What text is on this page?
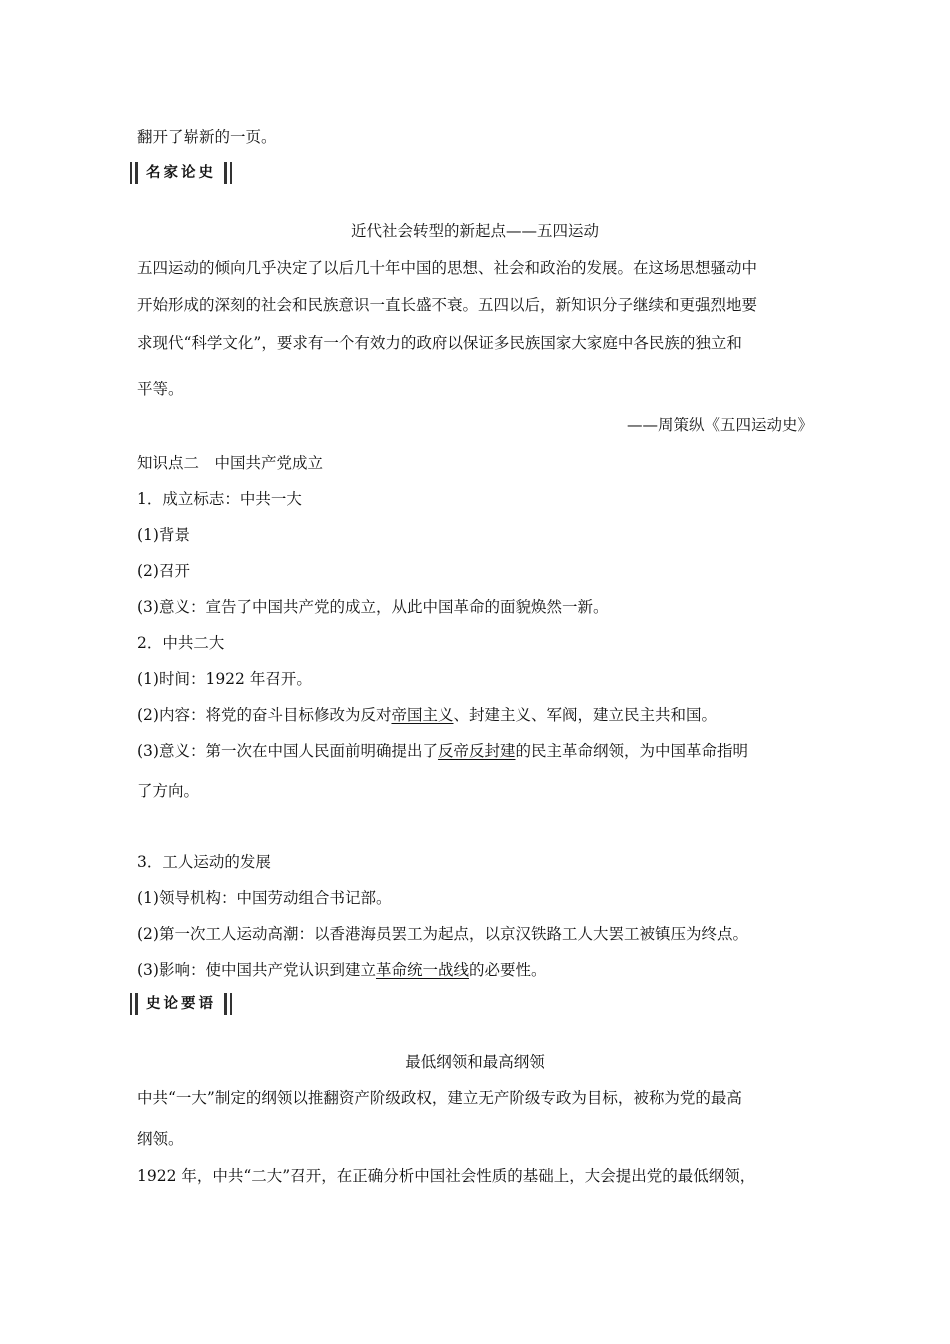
翻开了崭新的一页。
名家论史
近代社会转型的新起点——五四运动
五四运动的倾向几乎决定了以后几十年中国的思想、社会和政治的发展。在这场思想骚动中
开始形成的深刻的社会和民族意识一直长盛不衰。五四以后，新知识分子继续和更强烈地要
求现代“科学文化”，要求有一个有效力的政府以保证多民族国家大家庭中各民族的独立和
平等。
——周策纵《五四运动史》
知识点二　中国共产党成立
1．成立标志：中共一大
(1)背景
(2)召开
(3)意义：宣告了中国共产党的成立，从此中国革命的面貌焕然一新。
2．中共二大
(1)时间：1922 年召开。
(2)内容：将党的奋斗目标修改为反对帝国主义、封建主义、军阀，建立民主共和国。
(3)意义：第一次在中国人民面前明确提出了反帝反封建的民主革命纲领，为中国革命指明
了方向。
3．工人运动的发展
(1)领导机构：中国劳动组合书记部。
(2)第一次工人运动高潮：以香港海员罢工为起点，以京汉铁路工人大罢工被镇压为终点。
(3)影响：使中国共产党认识到建立革命统一战线的必要性。
史论要语
最低纲领和最高纲领
中共“一大”制定的纲领以推翻资产阶级政权，建立无产阶级专政为目标，被称为党的最高
纲领。
1922 年，中共“二大”召开，在正确分析中国社会性质的基础上，大会提出党的最低纲领，
